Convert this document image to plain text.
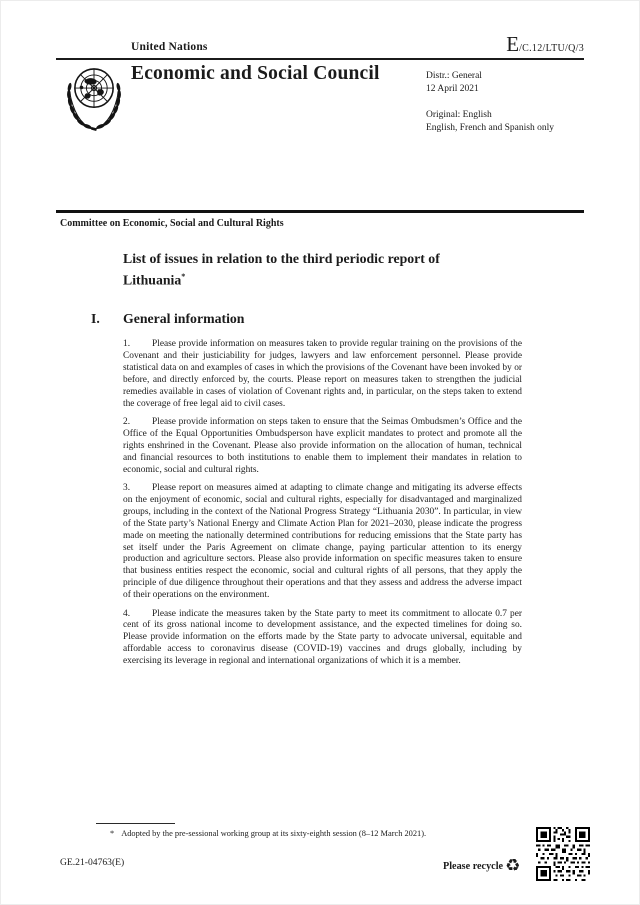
United Nations	E /C.12/LTU/Q/3
Economic and Social Council	Distr.: General
12 April 2021
Original: English
English, French and Spanish only
Committee on Economic, Social and Cultural Rights
List of issues in relation to the third periodic report of Lithuania*
I. General information

1. Please provide information on measures taken to provide regular training on the provisions of the Covenant and their justiciability for judges, lawyers and law enforcement personnel. Please provide statistical data on and examples of cases in which the provisions of the Covenant have been invoked by or before, and directly enforced by, the courts. Please report on measures taken to strengthen the judicial remedies available in cases of violation of Covenant rights and, in particular, on the steps taken to extend the coverage of free legal aid to civil cases.

2. Please provide information on steps taken to ensure that the Seimas Ombudsmen’s Office and the Office of the Equal Opportunities Ombudsperson have explicit mandates to protect and promote all the rights enshrined in the Covenant. Please also provide information on the allocation of human, technical and financial resources to both institutions to enable them to implement their mandates in relation to economic, social and cultural rights.

3. Please report on measures aimed at adapting to climate change and mitigating its adverse effects on the enjoyment of economic, social and cultural rights, especially for disadvantaged and marginalized groups, including in the context of the National Progress Strategy “Lithuania 2030”. In particular, in view of the State party’s National Energy and Climate Action Plan for 2021–2030, please indicate the progress made on meeting the nationally determined contributions for reducing emissions that the State party has set itself under the Paris Agreement on climate change, paying particular attention to its energy production and agriculture sectors. Please also provide information on specific measures taken to ensure that business entities respect the economic, social and cultural rights of all persons, that they apply the principle of due diligence throughout their operations and that they assess and address the adverse impact of their operations on the environment.

4. Please indicate the measures taken by the State party to meet its commitment to allocate 0.7 per cent of its gross national income to development assistance, and the expected timelines for doing so. Please provide information on the efforts made by the State party to advocate universal, equitable and affordable access to coronavirus disease (COVID-19) vaccines and drugs globally, including by exercising its leverage in regional and international organizations of which it is a member.

* Adopted by the pre-sessional working group at its sixty-eighth session (8–12 March 2021).
GE.21-04763(E)	Please recycle ♻
